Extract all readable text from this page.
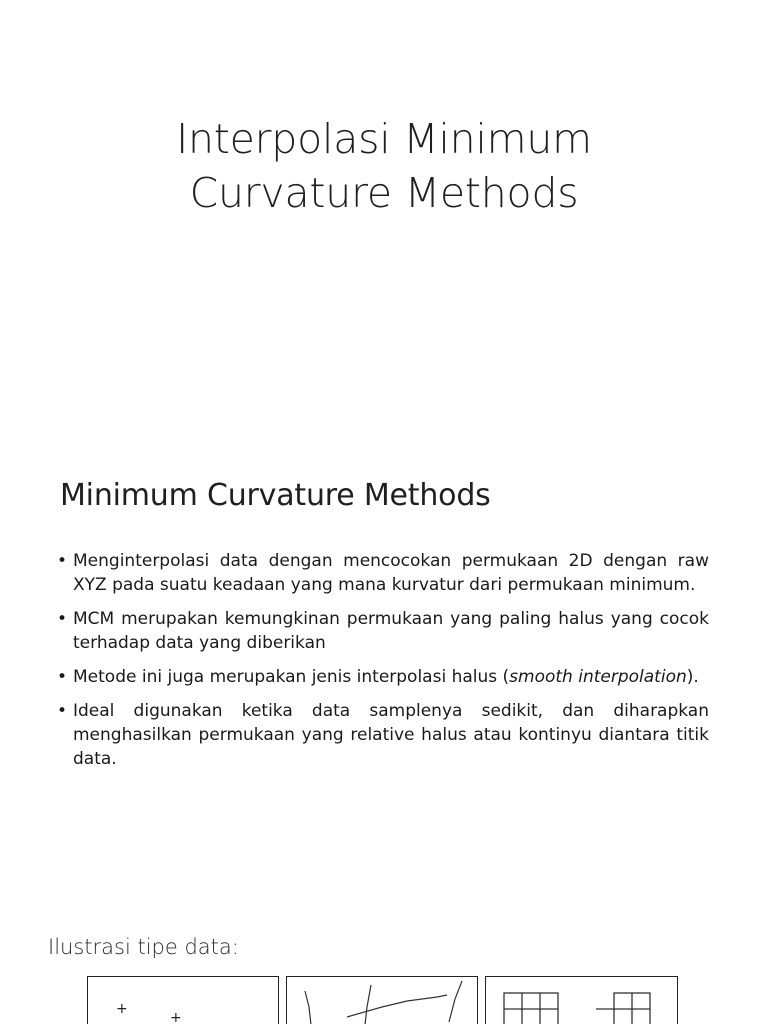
Interpolasi Minimum
Curvature Methods
Minimum Curvature Methods
• Menginterpolasi data dengan mencocokan permukaan 2D dengan raw XYZ pada suatu keadaan yang mana kurvatur dari permukaan minimum.
• MCM merupakan kemungkinan permukaan yang paling halus yang cocok terhadap data yang diberikan
• Metode ini juga merupakan jenis interpolasi halus (smooth interpolation).
• Ideal digunakan ketika data samplenya sedikit, dan diharapkan menghasilkan permukaan yang relative halus atau kontinyu diantara titik data.
Ilustrasi tipe data:
+
+
